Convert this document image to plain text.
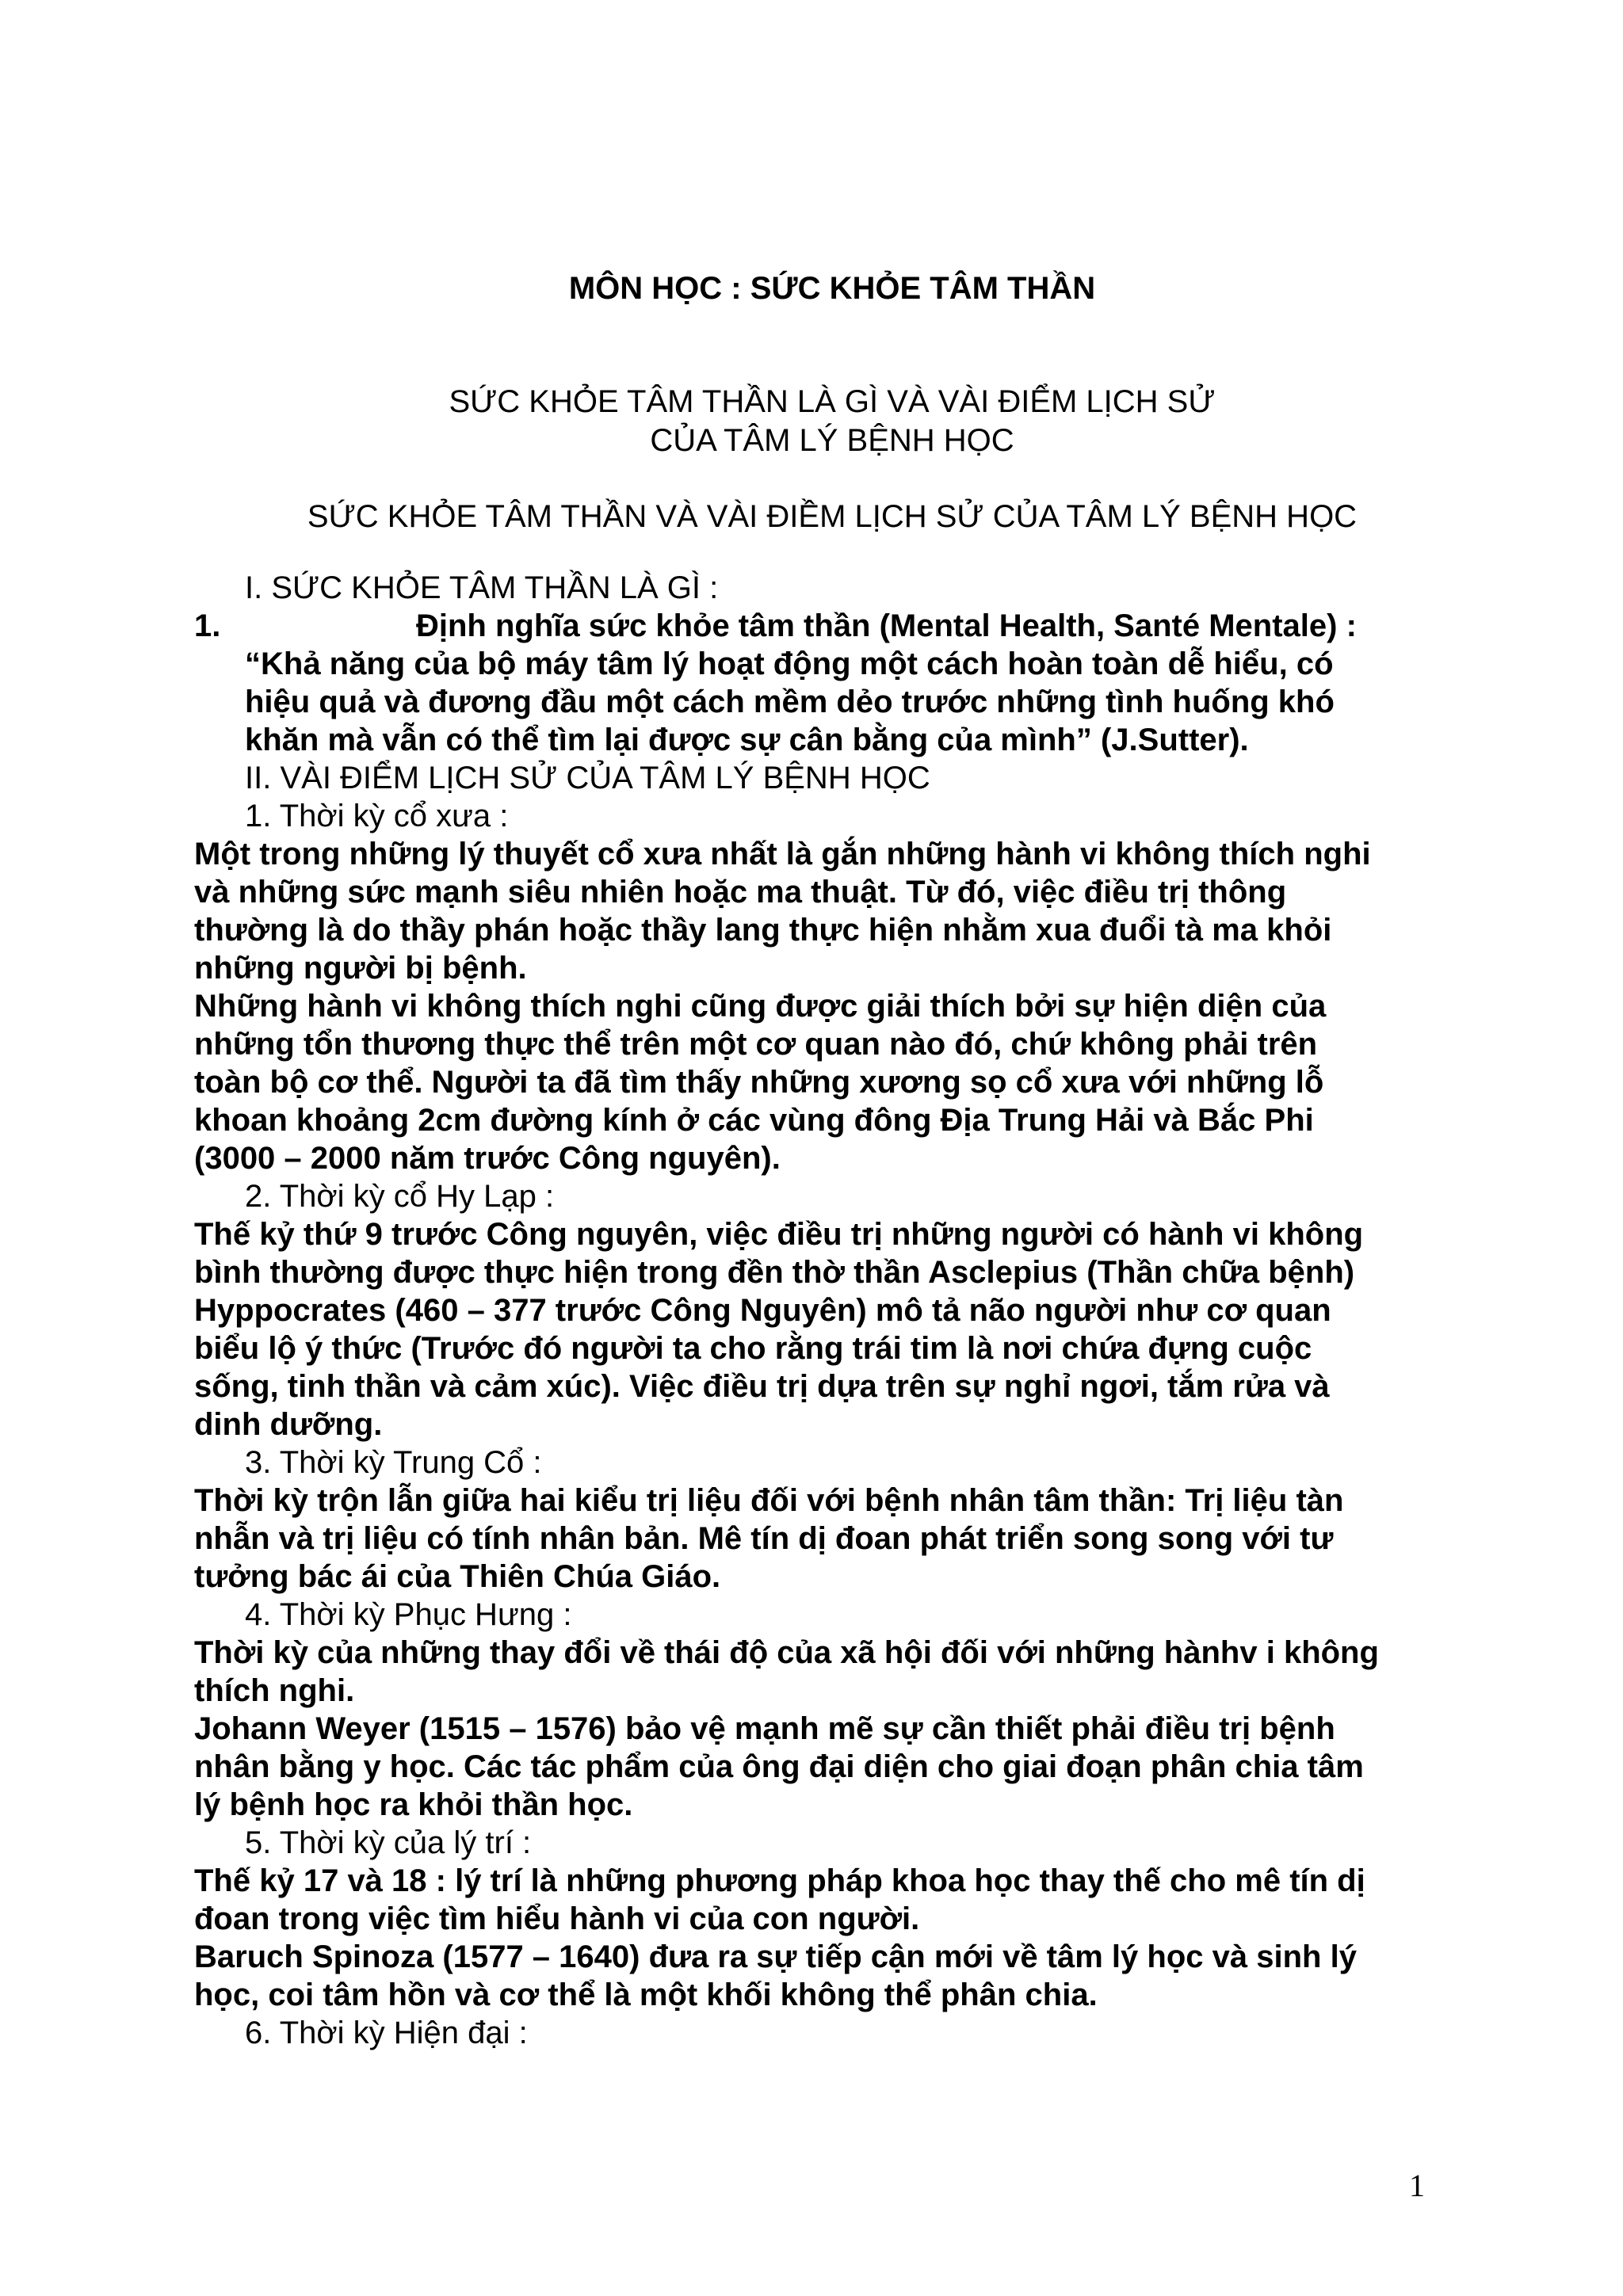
MÔN HỌC : SỨC KHỎE TÂM THẦN
SỨC KHỎE TÂM THẦN LÀ GÌ VÀ VÀI ĐIỂM LỊCH SỬ
CỦA TÂM LÝ BỆNH HỌC
SỨC KHỎE TÂM THẦN VÀ VÀI ĐIỀM LỊCH SỬ CỦA TÂM LÝ BỆNH HỌC
I. SỨC KHỎE TÂM THẦN LÀ GÌ :
1.	Định nghĩa sức khỏe tâm thần (Mental Health, Santé Mentale) :
“Khả năng của bộ máy tâm lý hoạt động một cách hoàn toàn dễ hiểu, có
hiệu quả và đương đầu một cách mềm dẻo trước những tình huống khó
khăn mà vẫn có thể tìm lại được sự cân bằng của mình” (J.Sutter).
II. VÀI ĐIỂM LỊCH SỬ CỦA TÂM LÝ BỆNH HỌC
1. Thời kỳ cổ xưa :
Một trong những lý thuyết cổ xưa nhất là gắn những hành vi không thích nghi
và những sức mạnh siêu nhiên hoặc ma thuật. Từ đó, việc điều trị thông
thường là do thầy phán hoặc thầy lang thực hiện nhằm xua đuổi tà ma khỏi
những người bị bệnh.
Những hành vi không thích nghi cũng được giải thích bởi sự hiện diện của
những tổn thương thực thể trên một cơ quan nào đó, chứ không phải trên
toàn bộ cơ thể. Người ta đã tìm thấy những xương sọ cổ xưa với những lỗ
khoan khoảng 2cm đường kính ở các vùng đông Địa Trung Hải và Bắc Phi
(3000 – 2000 năm trước Công nguyên).
2. Thời kỳ cổ Hy Lạp :
Thế kỷ thứ 9 trước Công nguyên, việc điều trị những người có hành vi không
bình thường được thực hiện trong đền thờ thần Asclepius (Thần chữa bệnh)
Hyppocrates (460 – 377 trước Công Nguyên) mô tả não người như cơ quan
biểu lộ ý thức (Trước đó người ta cho rằng trái tim là nơi chứa đựng cuộc
sống, tinh thần và cảm xúc). Việc điều trị dựa trên sự nghỉ ngơi, tắm rửa và
dinh dưỡng.
3. Thời kỳ Trung Cổ :
Thời kỳ trộn lẫn giữa hai kiểu trị liệu đối với bệnh nhân tâm thần: Trị liệu tàn
nhẫn và trị liệu có tính nhân bản. Mê tín dị đoan phát triển song song với tư
tưởng bác ái của Thiên Chúa Giáo.
4. Thời kỳ Phục Hưng :
Thời kỳ của những thay đổi về thái độ của xã hội đối với những hànhv i không
thích nghi.
Johann Weyer (1515 – 1576) bảo vệ mạnh mẽ sự cần thiết phải điều trị bệnh
nhân bằng y học. Các tác phẩm của ông đại diện cho giai đoạn phân chia tâm
lý bệnh học ra khỏi thần học.
5. Thời kỳ của lý trí :
Thế kỷ 17 và 18 : lý trí là những phương pháp khoa học thay thế cho mê tín dị
đoan trong việc tìm hiểu hành vi của con người.
Baruch Spinoza (1577 – 1640) đưa ra sự tiếp cận mới về tâm lý học và sinh lý
học, coi tâm hồn và cơ thể là một khối không thể phân chia.
6. Thời kỳ Hiện đại :
1
